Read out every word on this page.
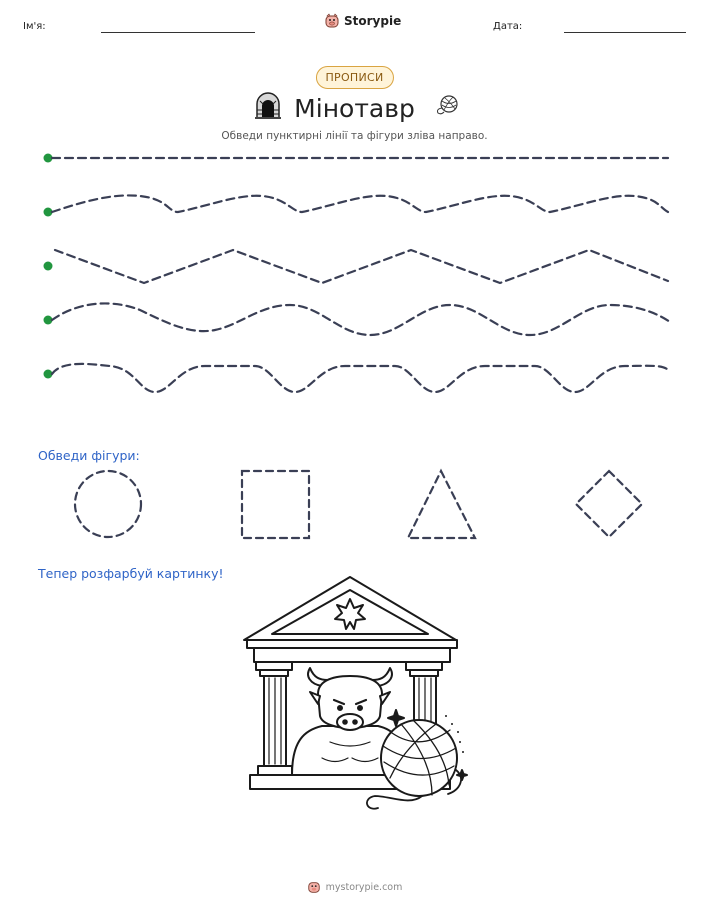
Ім'я:	Storypie	Дата:
ПРОПИСИ
Мінотавр
Обведи пунктирні лінії та фігури зліва направо.
Обведи фігури:
Тепер розфарбуй картинку!
mystorypie.com
